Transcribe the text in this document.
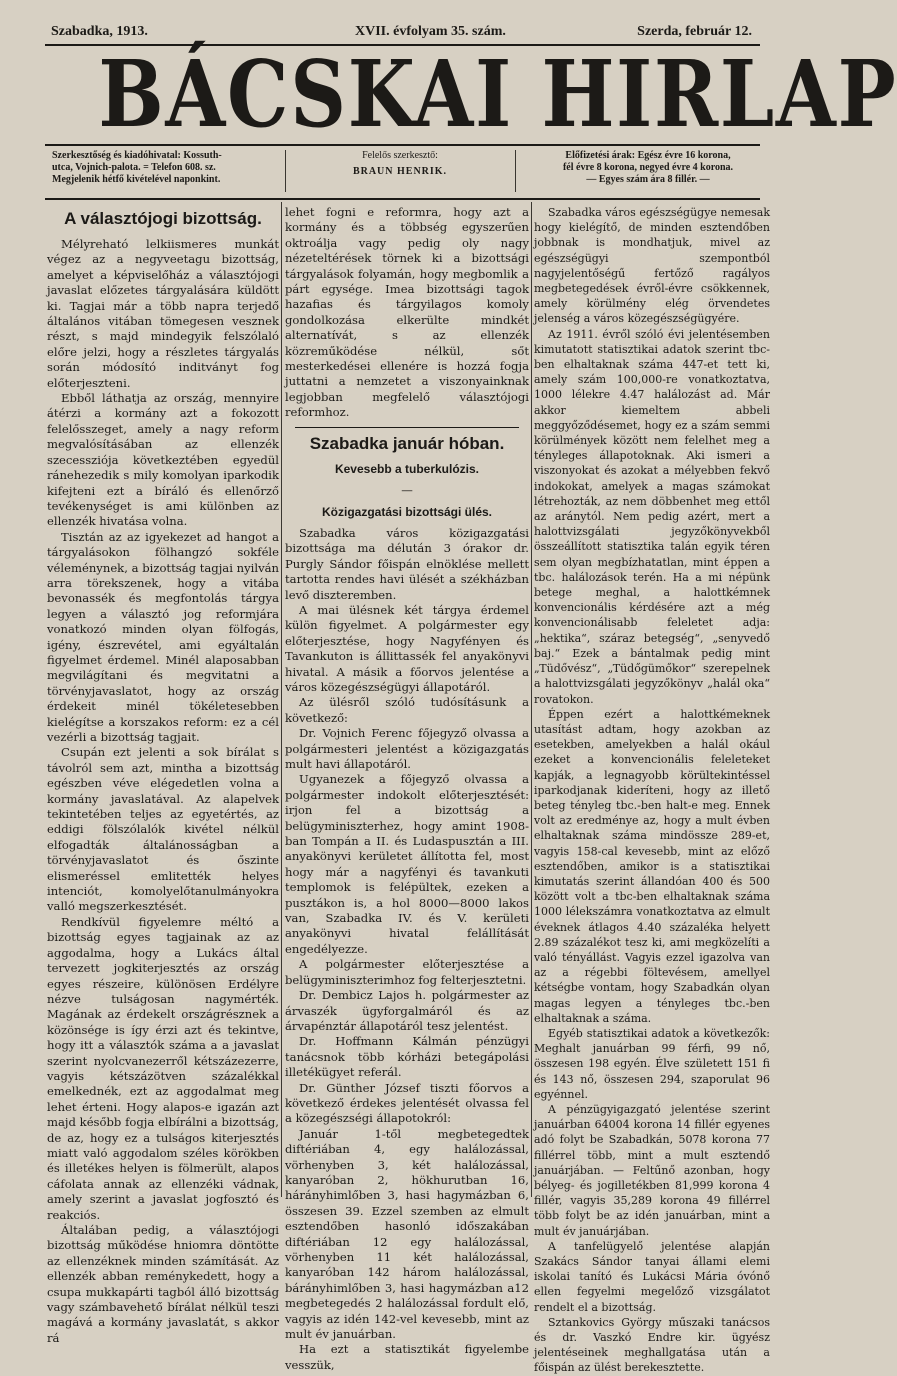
Szabadka, 1913.	XVII. évfolyam 35. szám.	Szerda, február 12.
BÁCSKAI HIRLAP
Szerkesztőség és kiadóhivatal: Kossuth-
utca, Vojnich-palota. = Telefon 608. sz.
Megjelenik hétfő kivételével naponkint.
Felelős szerkesztő:
BRAUN HENRIK.
Előfizetési árak: Egész évre 16 korona,
fél évre 8 korona, negyed évre 4 korona.
— Egyes szám ára 8 fillér. —
A választójogi bizottság.

Mélyreható lelkiismeres munkát végez az a negyveetagu bizottság, amelyet a képviselőház a választójogi javaslat előzetes tárgyalására küldött ki. Tagjai már a több napra terjedő általános vitában tömegesen vesznek részt, s majd mindegyik felszólaló előre jelzi, hogy a részletes tárgyalás során módosító inditványt fog előterjeszteni.

Ebből láthatja az ország, mennyire átérzi a kormány azt a fokozott felelősszeget, amely a nagy reform megvalósításában az ellenzék szecessziója következtében egyedül ránehezedik s mily komolyan iparkodik kifejteni ezt a bíráló és ellenőrző tevékenységet is ami különben az ellenzék hivatása volna.

Tisztán az az igyekezet ad hangot a tárgyalásokon fölhangzó sokféle véleménynek, a bizottság tagjai nyilván arra törekszenek, hogy a vitába bevonassék és megfontolás tárgya legyen a választó jog reformjára vonatkozó minden olyan fölfogás, igény, észrevétel, ami egyáltalán figyelmet érdemel. Minél alaposabban megvilágítani és megvitatni a törvényjavaslatot, hogy az ország érdekeit minél tökéletesebben kielégítse a korszakos reform: ez a cél vezérli a bizottság tagjait.

Csupán ezt jelenti a sok bírálat s távolról sem azt, mintha a bizottság egészben véve elégedetlen volna a kormány javaslatával. Az alapelvek tekintetében teljes az egyetértés, az eddigi fölszólalók kivétel nélkül elfogadták általánosságban a törvényjavaslatot és őszinte elismeréssel emlitették helyes intenciót, komolyelőtanulmányokra valló megszerkesztését.

Rendkívül figyelemre méltó a bizottság egyes tagjainak az az aggodalma, hogy a Lukács által tervezett jogkiterjesztés az ország egyes részeire, különösen Erdélyre nézve tulságosan nagymérték. Magának az érdekelt országrésznek a közönsége is így érzi azt és tekintve, hogy itt a választók száma a a javaslat szerint nyolcvanezerről kétszázezerre, vagyis kétszázötven százalékkal emelkednék, ezt az aggodalmat meg lehet érteni. Hogy alapos-e igazán azt majd később fogja elbírálni a bizottság, de az, hogy ez a tulságos kiterjesztés miatt való aggodalom széles körökben és illetékes helyen is fölmerült, alapos cáfolata annak az ellenzéki vádnak, amely szerint a javaslat jogfosztó és reakciós.

Általában pedig, a választójogi bizottság működése hniomra döntötte az ellenzéknek minden számítását. Az ellenzék abban reménykedett, hogy a csupa mukkapárti tagból álló bizottság vagy számbavehető bírálat nélkül teszi magává a kormány javaslatát, s akkor rá

lehet fogni e reformra, hogy azt a kormány és a többség egyszerűen oktroálja vagy pedig oly nagy nézeteltérések törnek ki a bizottsági tárgyalások folyamán, hogy megbomlik a párt egysége. Imea bizottsági tagok hazafias és tárgyilagos komoly gondolkozása elkerülte mindkét alternatívát, s az ellenzék közreműködése nélkül, sőt mesterkedései ellenére is hozzá fogja juttatni a nemzetet a viszonyainknak legjobban megfelelő választójogi reformhoz.

Szabadka január hóban.
Kevesebb a tuberkulózis.
—
Közigazgatási bizottsági ülés.

Szabadka város közigazgatási bizottsága ma délután 3 órakor dr. Purgly Sándor főispán elnöklése mellett tartotta rendes havi ülését a székházban levő diszteremben.

A mai ülésnek két tárgya érdemel külön figyelmet. A polgármester egy előterjesztése, hogy Nagyfényen és Tavankuton is állittassék fel anyakönyvi hivatal. A másik a főorvos jelentése a város közegészségügyi állapotáról.

Az ülésről szóló tudósításunk a következő:

Dr. Vojnich Ferenc főjegyző olvassa a polgármesteri jelentést a közigazgatás mult havi állapotáról.

Ugyanezek a főjegyző olvassa a polgármester indokolt előterjesztését: irjon fel a bizottság a belügyminiszterhez, hogy amint 1908-ban Tompán a II. és Ludaspusztán a III. anyakönyvi kerületet állította fel, most hogy már a nagyfényi és tavankuti templomok is felépültek, ezeken a pusztákon is, a hol 8000—8000 lakos van, Szabadka IV. és V. kerületi anyakönyvi hivatal felállítását engedélyezze.

A polgármester előterjesztése a belügyminiszterimhoz fog felterjesztetni.

Dr. Dembicz Lajos h. polgármester az árvaszék ügyforgalmáról és az árvapénztár állapotáról tesz jelentést.

Dr. Hoffmann Kálmán pénzügyi tanácsnok több kórházi betegápolási illetékügyet referál.

Dr. Günther József tiszti főorvos a következő érdekes jelentését olvassa fel a közegészségi állapotokról:

Január 1-től megbetegedtek diftériában 4, egy halálozással, vörhenyben 3, két halálozással, kanyaróban 2, hökhurutban 16, hárányhimlőben 3, hasi hagymázban 6, összesen 39. Ezzel szemben az elmult esztendőben hasonló időszakában diftériában 12 egy halálozással, vörhenyben 11 két halálozással, kanyaróban 142 három halálozással, bárányhimlőben 3, hasi hagymázban a12 megbetegedés 2 halálozással fordult elő, vagyis az idén 142-vel kevesebb, mint az mult év januárban.

Ha ezt a statisztikát figyelembe vesszük,

Szabadka város egészségügye nemesak hogy kielégítő, de minden esztendőben jobbnak is mondhatjuk, mivel az egészségügyi szempontból nagyjelentőségű fertőző ragályos megbetegedések évről-évre csökkennek, amely körülmény elég örvendetes jelenség a város közegészségügyére.

Az 1911. évről szóló évi jelentésemben kimutatott statisztikai adatok szerint tbc-ben elhaltaknak száma 447-et tett ki, amely szám 100,000-re vonatkoztatva, 1000 lélekre 4.47 halálozást ad. Már akkor kiemeltem abbeli meggyőződésemet, hogy ez a szám semmi körülmények között nem felelhet meg a tényleges állapotoknak. Aki ismeri a viszonyokat és azokat a mélyebben fekvő indokokat, amelyek a magas számokat létrehozták, az nem döbbenhet meg ettől az aránytól. Nem pedig azért, mert a halottvizsgálati jegyzőkönyvekből összeállított statisztika talán egyik téren sem olyan megbízhatatlan, mint éppen a tbc. halálozások terén. Ha a mi népünk betege meghal, a halottkémnek konvencionális kérdésére azt a még konvencionálisabb feleletet adja: „hektika“, száraz betegség“, „senyvedő baj.“ Ezek a bántalmak pedig mint „Tüdővész“, „Tüdőgümőkor“ szerepelnek a halottvizsgálati jegyzőkönyv „halál oka“ rovatokon.

Éppen ezért a halottkémeknek utasítást adtam, hogy azokban az esetekben, amelyekben a halál okául ezeket a konvencionális feleleteket kapják, a legnagyobb körültekintéssel iparkodjanak kideríteni, hogy az illető beteg tényleg tbc.-ben halt-e meg. Ennek volt az eredménye az, hogy a mult évben elhaltaknak száma mindössze 289-et, vagyis 158-cal kevesebb, mint az előző esztendőben, amikor is a statisztikai kimutatás szerint állandóan 400 és 500 között volt a tbc-ben elhaltaknak száma 1000 lélekszámra vonatkoztatva az elmult éveknek átlagos 4.40 százaléka helyett 2.89 százalékot tesz ki, ami megközelíti a való tényállást. Vagyis ezzel igazolva van az a régebbi föltevésem, amellyel kétségbe vontam, hogy Szabadkán olyan magas legyen a tényleges tbc.-ben elhaltaknak a száma.

Egyéb statisztikai adatok a következők: Meghalt januárban 99 férfi, 99 nő, összesen 198 egyén. Élve született 151 fi és 143 nő, összesen 294, szaporulat 96 egyénnel.

A pénzügyigazgató jelentése szerint januárban 64004 korona 14 fillér egyenes adó folyt be Szabadkán, 5078 korona 77 fillérrel több, mint a mult esztendő januárjában. — Feltűnő azonban, hogy bélyeg- és jogilletékben 81,999 korona 4 fillér, vagyis 35,289 korona 49 fillérrel több folyt be az idén januárban, mint a mult év januárjában.

A tanfelügyelő jelentése alapján Szakács Sándor tanyai állami elemi iskolai tanító és Lukácsi Mária óvónő ellen fegyelmi megelőző vizsgálatot rendelt el a bizottság.

Sztankovics György műszaki tanácsos és dr. Vaszkó Endre kir. ügyész jelentéseinek meghallgatása után a főispán az ülést berekesztette.
